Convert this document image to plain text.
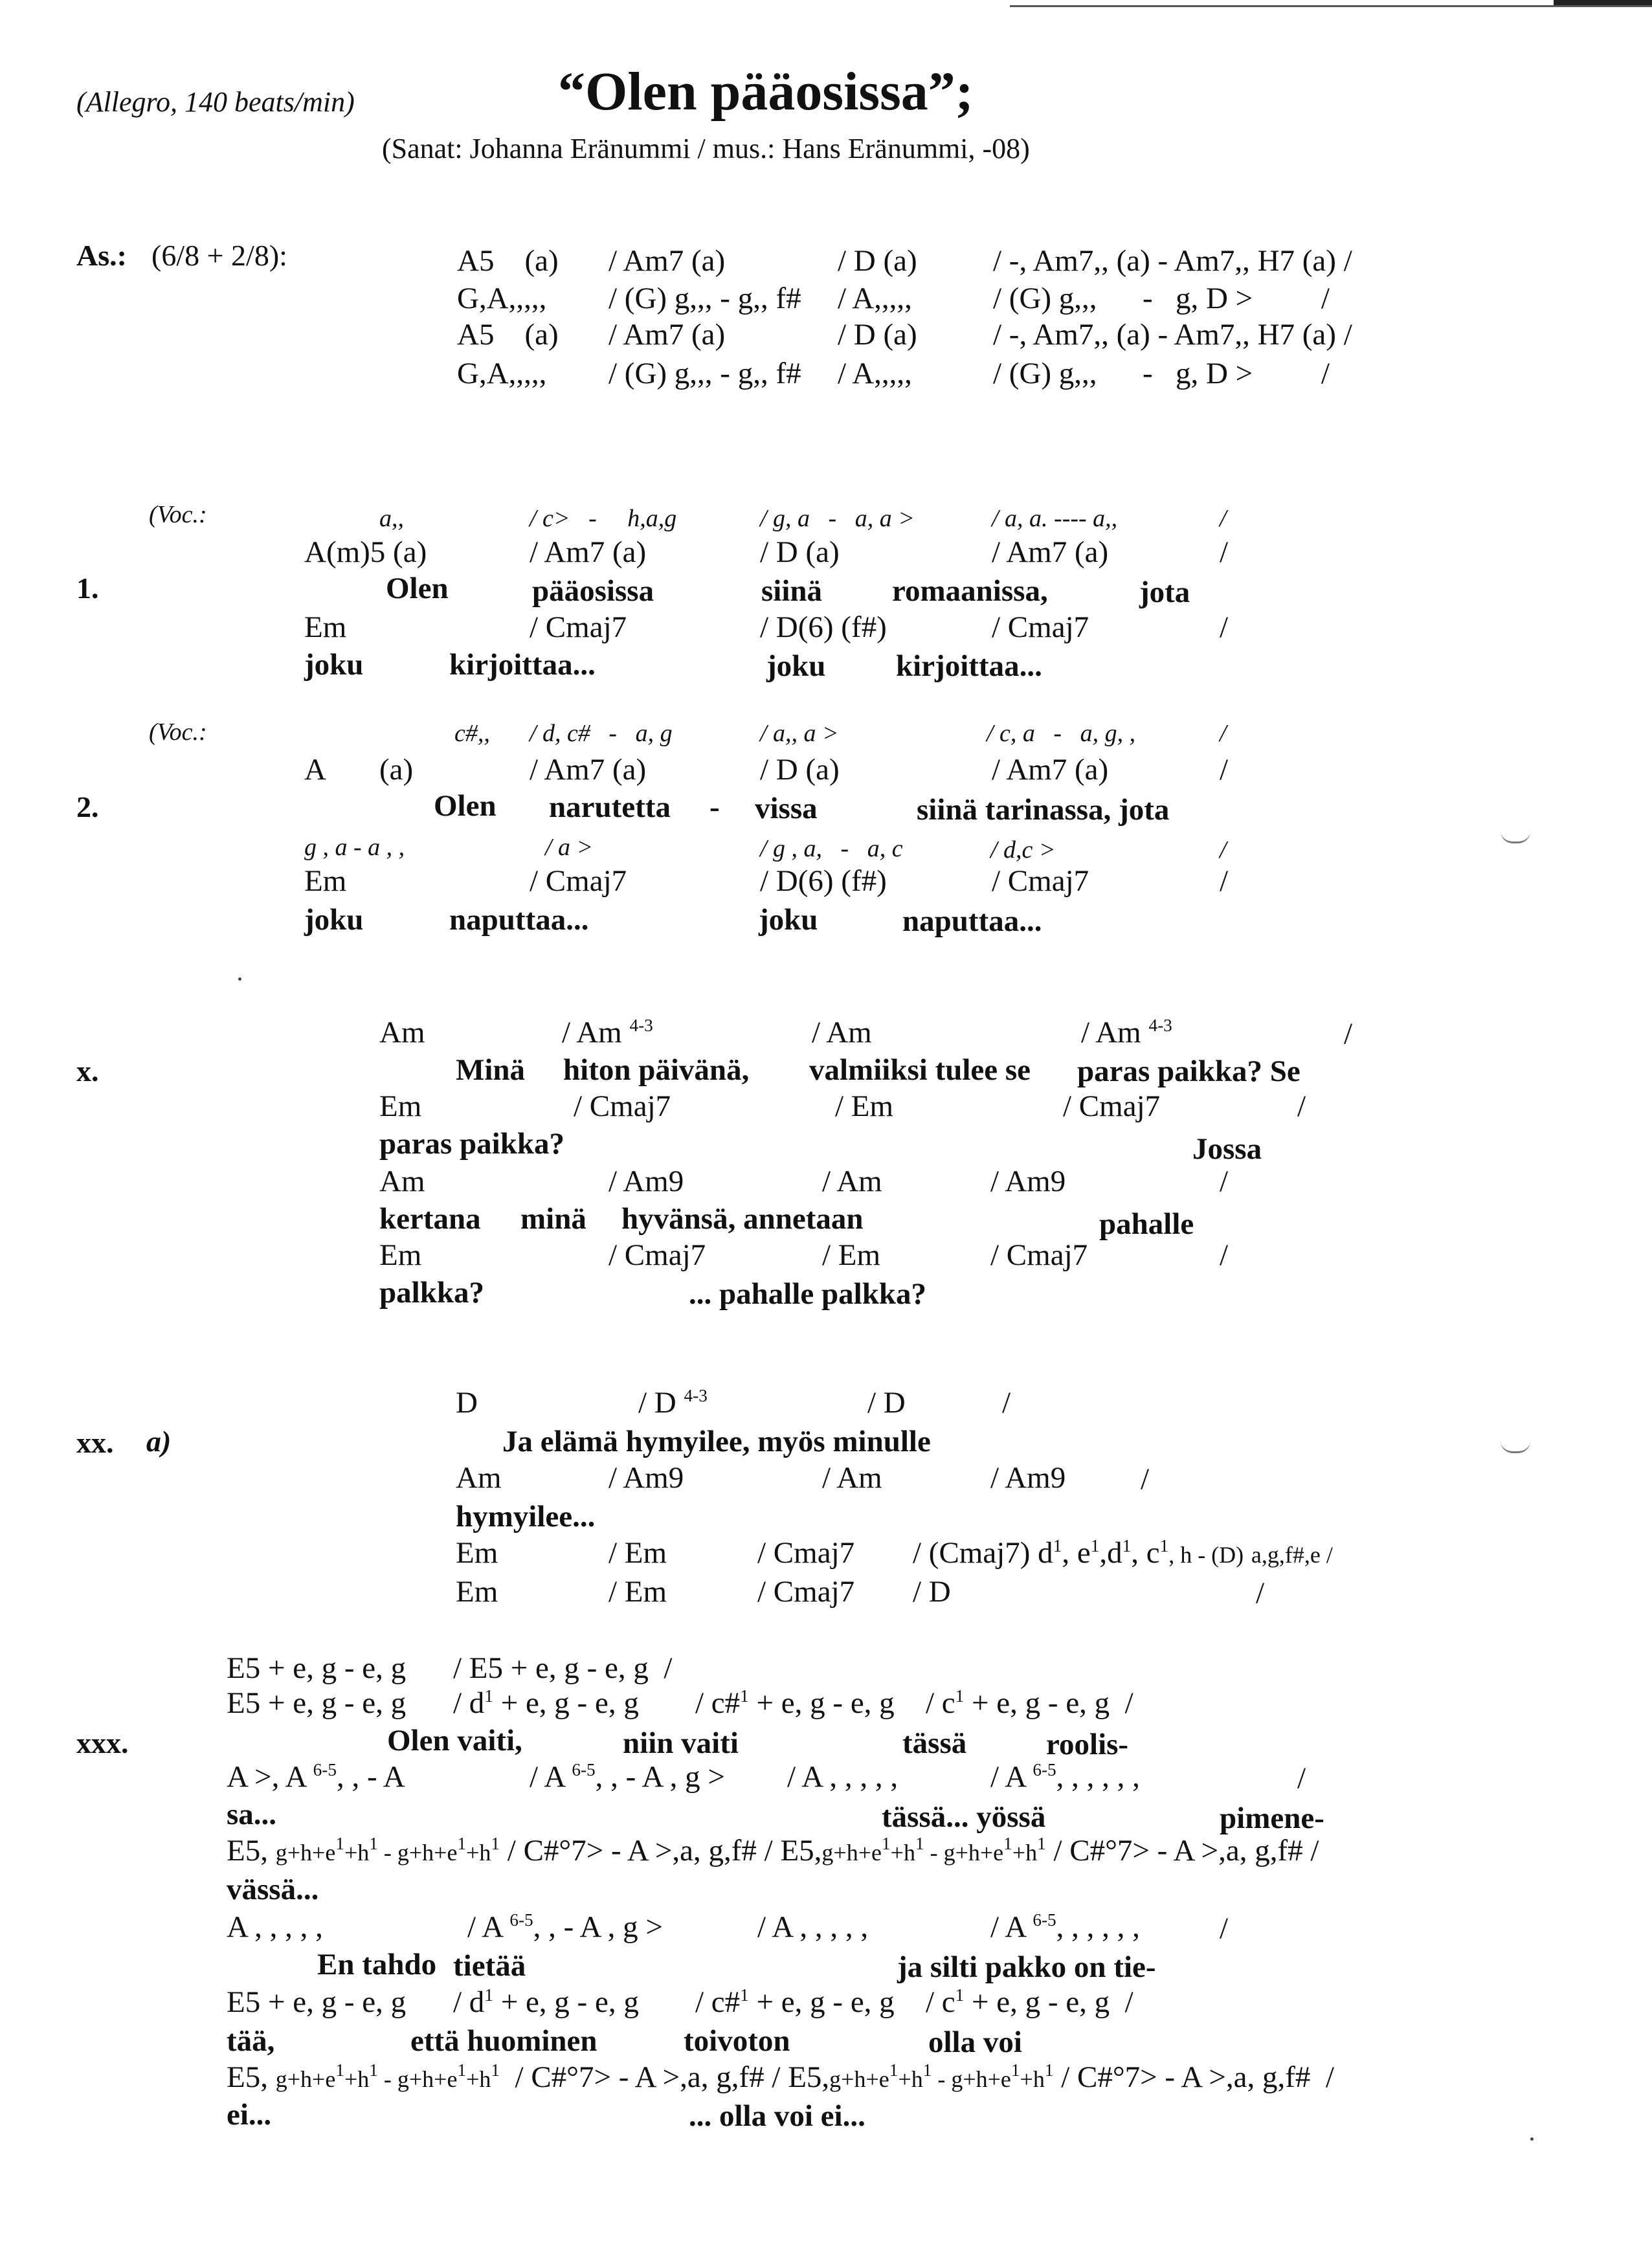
(Allegro, 140 beats/min)	“Olen pääosissa”;
(Sanat: Johanna Eränummi / mus.: Hans Eränummi, -08)
As.: (6/8 + 2/8):	A5    (a) / Am7 (a)	/ D (a) / -, Am7,, (a) - Am7,, H7 (a) /
G,A,,,,, / (G) g,,, - g,, f# / A,,,,,	/ (G) g,,,      -   g, D >         /
A5    (a) / Am7 (a)	/ D (a) / -, Am7,, (a) - Am7,, H7 (a) /
G,A,,,,, / (G) g,,, - g,, f# / A,,,,,	/ (G) g,,,      -   g, D >         /
(Voc.:	a,,	/ c>   -     h,a,g	/ g, a   -   a, a >	/ a, a. ---- a,,	/
A(m)5 (a)	/ Am7 (a)	/ D (a)	/ Am7 (a)	/
1.	Olen	pääosissa	siinä romaanissa,	jota
Em	/ Cmaj7	/ D(6) (f#)	/ Cmaj7	/
joku	kirjoittaa...	joku kirjoittaa...
(Voc.:	c#,, / d, c#   -   a, g	/ a,, a >	/ c, a   -   a, g, ,	/
A (a)	/ Am7 (a)	/ D (a)	/ Am7 (a)	/
2.	Olen narutetta - vissa	siinä tarinassa, jota
g , a - a , ,	/ a >	/ g , a,   -   a, c	/ d,c >	/
Em	/ Cmaj7	/ D(6) (f#)	/ Cmaj7	/
joku	naputtaa...	joku	naputtaa...
Am	/ Am $^{4-3}$	/ Am	/ Am $^{4-3}$	/
x.	Minä hiton päivänä, valmiiksi tulee se paras paikka? Se
Em	/ Cmaj7	/ Em	/ Cmaj7	/
paras paikka?	Jossa
Am	/ Am9	/ Am	/ Am9	/
kertana minä hyvänsä, annetaan	pahalle
Em	/ Cmaj7	/ Em	/ Cmaj7	/
palkka?	... pahalle palkka?
D	/ D $^{4-3}$	/ D	/
xx. a)	Ja elämä hymyilee, myös minulle
Am	/ Am9	/ Am	/ Am9 /
hymyilee...
Em	/ Em	/ Cmaj7 / (Cmaj7) $d^1$, $e^1,d^1$, $c^1$, h - (D) a,g,f#,e /
Em	/ Em	/ Cmaj7 / D	/
E5 + e, g - e, g / E5 + e, g - e, g  /
E5 + e, g - e, $g / d^1 + e$, g - e, g / c#$^1$ + e, g - e, $g / c^1 + e$, g - e, g  /
xxx.	Olen vaiti,	niin vaiti	tässä	roolis-
A >, A $^{6-5}$, , - A	/ A $^{6-5}$, , - A , g > / A , , , , ,	/ A $^{6-5}$, , , , , ,	/
sa...	tässä... yössä	pimene-
E5, $g+h+e^1+h^1 - g+h+e^1+h^1$ / C#°7> - A >,a, g,f# / $E5,g+h+e^1+h^1 - g+h+e^1+h^1$ / C#°7> - A >,a, g,f# /
vässä...
A , , , , ,	/ A $^{6-5}$, , - A , g >	/ A , , , , ,	/ A $^{6-5}$, , , , , ,	/
En tahdo tietää	ja silti pakko on tie-
E5 + e, g - e, $g / d^1 + e$, g - e, g / c#$^1$ + e, g - e, $g / c^1 + e$, g - e, g  /
tää,	että huominen	toivoton	olla voi
E5, $g+h+e^1+h^1 - g+h+e^1+h^1$  / C#°7> - A >,a, g,f# / $E5,g+h+e^1+h^1 - g+h+e^1+h^1$ / C#°7> - A >,a, g,f#  /
ei...	... olla voi ei...
